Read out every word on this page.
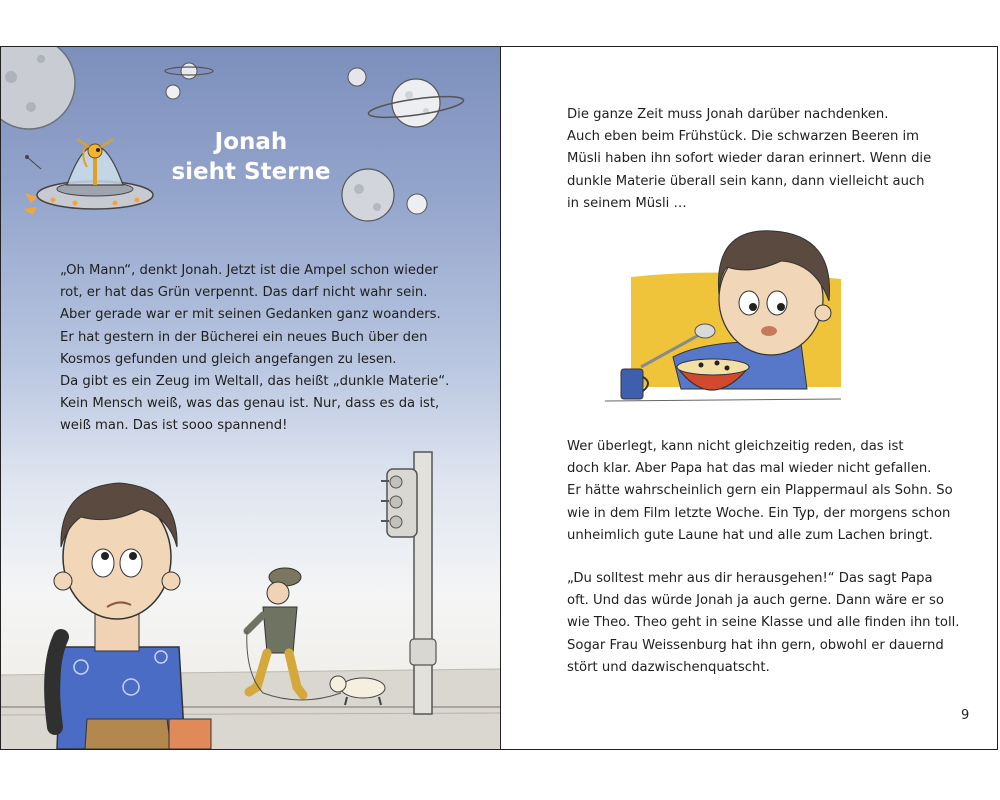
Jonah
sieht Sterne

„Oh Mann“, denkt Jonah. Jetzt ist die Ampel schon wieder
rot, er hat das Grün verpennt. Das darf nicht wahr sein.
Aber gerade war er mit seinen Gedanken ganz woanders.
Er hat gestern in der Bücherei ein neues Buch über den
Kosmos gefunden und gleich angefangen zu lesen.
Da gibt es ein Zeug im Weltall, das heißt „dunkle Materie“.
Kein Mensch weiß, was das genau ist. Nur, dass es da ist,
weiß man. Das ist sooo spannend!

Die ganze Zeit muss Jonah darüber nachdenken.
Auch eben beim Frühstück. Die schwarzen Beeren im
Müsli haben ihn sofort wieder daran erinnert. Wenn die
dunkle Materie überall sein kann, dann vielleicht auch
in seinem Müsli …

Wer überlegt, kann nicht gleichzeitig reden, das ist
doch klar. Aber Papa hat das mal wieder nicht gefallen.
Er hätte wahrscheinlich gern ein Plappermaul als Sohn. So
wie in dem Film letzte Woche. Ein Typ, der morgens schon
unheimlich gute Laune hat und alle zum Lachen bringt.

„Du solltest mehr aus dir herausgehen!“ Das sagt Papa
oft. Und das würde Jonah ja auch gerne. Dann wäre er so
wie Theo. Theo geht in seine Klasse und alle finden ihn toll.
Sogar Frau Weissenburg hat ihn gern, obwohl er dauernd
stört und dazwischenquatscht.

9
